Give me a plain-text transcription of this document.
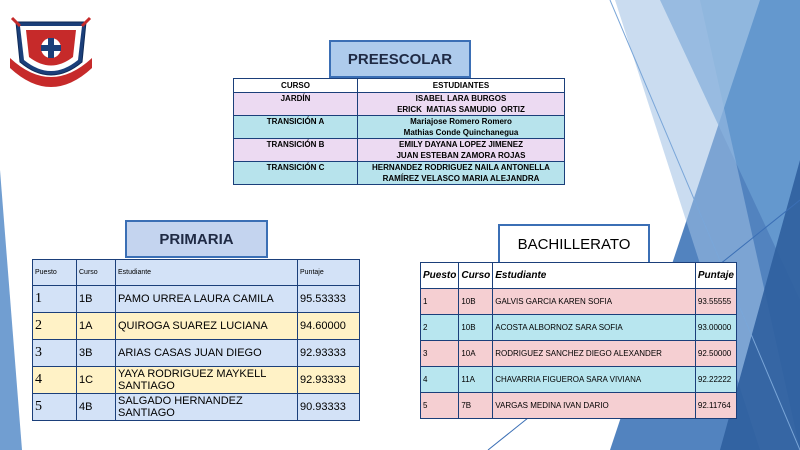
PREESCOLAR
PRIMARIA	BACHILLERATO
CURSO	ESTUDIANTES
JARDÍN	ISABEL LARA BURGOS
ERICK  MATIAS SAMUDIO  ORTIZ

TRANSICIÓN A	Mariajose Romero Romero
Mathias Conde Quinchanegua

TRANSICIÓN B	EMILY DAYANA LOPEZ JIMENEZ
JUAN ESTEBAN ZAMORA ROJAS

TRANSICIÓN C	HERNANDEZ RODRIGUEZ NAILA ANTONELLA
RAMÍREZ VELASCO MARIA ALEJANDRA
Puesto	Curso	Estudiante	Puntaje
1	1B	PAMO URREA LAURA CAMILA	95.53333
2	1A	QUIROGA SUAREZ LUCIANA	94.60000
3	3B	ARIAS CASAS JUAN DIEGO	92.93333
4	1C	YAYA RODRIGUEZ MAYKELL SANTIAGO	92.93333
5	4B	SALGADO HERNANDEZ SANTIAGO	90.93333
Puesto	Curso	Estudiante	Puntaje
1	10B	GALVIS GARCIA KAREN SOFIA	93.55555
2	10B	ACOSTA ALBORNOZ SARA SOFIA	93.00000
3	10A	RODRIGUEZ SANCHEZ DIEGO ALEXANDER	92.50000
4	11A	CHAVARRIA FIGUEROA SARA VIVIANA	92.22222
5	7B	VARGAS MEDINA IVAN DARIO	92.11764
